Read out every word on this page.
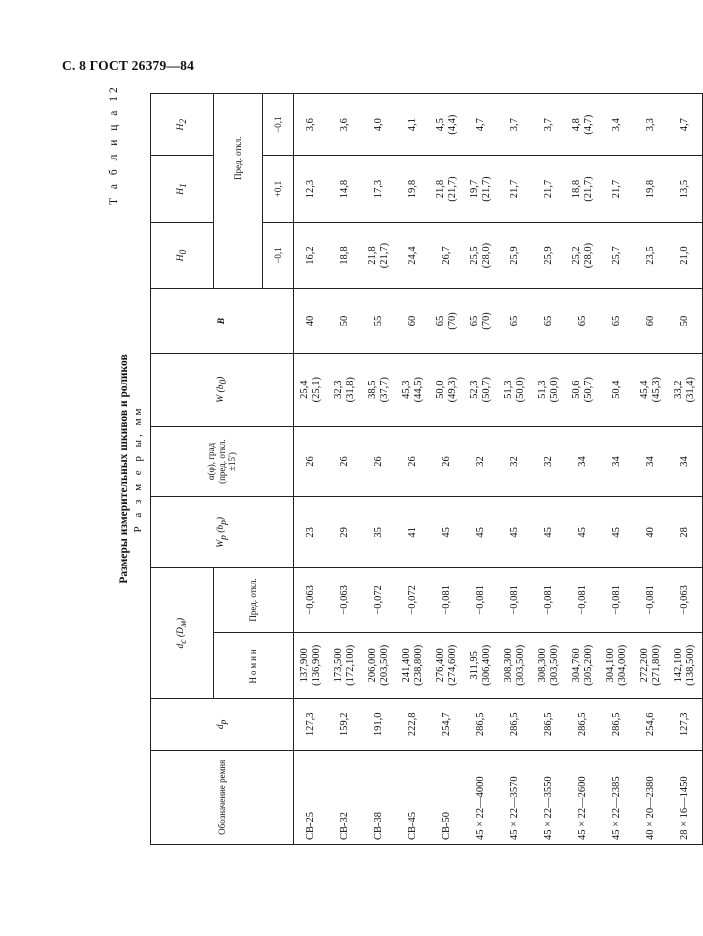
С. 8 ГОСТ 26379—84
Т а б л и ц а 12
Размеры измерительных шкивов и роликов Р а з м е р ы, мм
Обозначение ремня	$d_p$	$d_c$ $(D_м)$		$W_p$ $(b_p)$	α(φ), град (пред. откл. ±15′)	W $(b_0)$	B	$H_0$	$H_1$	$H_2$
		Номин	Пред. откл.						Пред. откл.	
								−0,1	+0,1	−0,1

СВ-25	127,3	137,900 (136,900)	−0,063	23	26	25,4 (25,1)	40	16,2	12,3	3,6

СВ-32	159,2	173,500 (172,100)	−0,063	29	26	32,3 (31,8)	50	18,8	14,8	3,6

СВ-38	191,0	206,000 (203,500)	−0,072	35	26	38,5 (37,7)	55	21,8 (21,7)	17,3	4,0

СВ-45	222,8	241,400 (238,800)	−0,072	41	26	45,3 (44,5)	60	24,4	19,8	4,1

СВ-50	254,7	276,400 (274,600)	−0,081	45	26	50,0 (49,3)	65 (70)	26,7	21,8 (21,7)	4,5 (4,4)

45 × 22—4000	286,5	311,95 (306,400)	−0,081	45	32	52,3 (50,7)	65 (70)	25,5 (28,0)	19,7 (21,7)	4,7

45 × 22—3570	286,5	308,300 (303,500)	−0,081	45	32	51,3 (50,0)	65	25,9	21,7	3,7

45 × 22—3550	286,5	308,300 (303,500)	−0,081	45	32	51,3 (50,0)	65	25,9	21,7	3,7

45 × 22—2600	286,5	304,760 (305,200)	−0,081	45	34	50,6 (50,7)	65	25,2 (28,0)	18,8 (21,7)	4,8 (4,7)

45 × 22—2385	286,5	304,100 (304,000)	−0,081	45	34	50,4	65	25,7	21,7	3,4

40 × 20—2380	254,6	272,200 (271,800)	−0,081	40	34	45,4 (45,3)	60	23,5	19,8	3,3

28 × 16—1450	127,3	142,100 (138,500)	−0,063	28	34	33,2 (31,4)	50	21,0	13,5	4,7
